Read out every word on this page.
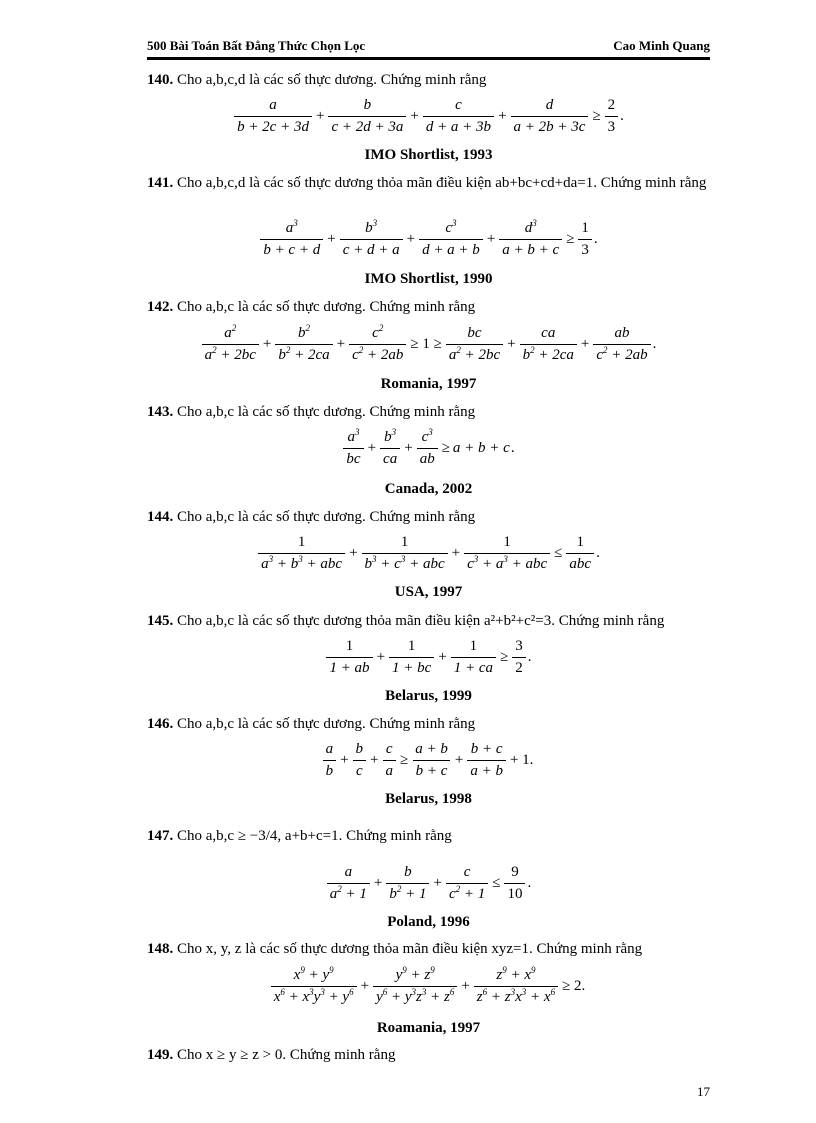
500 Bài Toán Bất Đẳng Thức Chọn Lọc	Cao Minh Quang
140. Cho a,b,c,d là các số thực dương. Chứng minh rằng
$\frac{a}{b + 2c + 3d} + \frac{b}{c + 2d + 3a} + \frac{c}{d + a + 3b} + \frac{d}{a + 2b + 3c} \ge \frac{2}{3}$ .
IMO Shortlist, 1993
141. Cho a,b,c,d là các số thực dương thỏa mãn điều kiện ab+bc+cd+da=1. Chứng minh rằng
$\frac{a^3}{b + c + d} + \frac{b^3}{c + d + a} + \frac{c^3}{d + a + b} + \frac{d^3}{a + b + c} \ge \frac{1}{3}$ .
IMO Shortlist, 1990
142. Cho a,b,c là các số thực dương. Chứng minh rằng
$\frac{a^2}{a^2 + 2bc} + \frac{b^2}{b^2 + 2ca} + \frac{c^2}{c^2 + 2ab} \ge 1 \ge \frac{bc}{a^2 + 2bc} + \frac{ca}{b^2 + 2ca} + \frac{ab}{c^2 + 2ab}$ .
Romania, 1997
143. Cho a,b,c là các số thực dương. Chứng minh rằng
$\frac{a^3}{bc} + \frac{b^3}{ca} + \frac{c^3}{ab} \ge a + b + c$ .
Canada, 2002
144. Cho a,b,c là các số thực dương. Chứng minh rằng
$\frac{1}{a^3 + b^3 + abc} + \frac{1}{b^3 + c^3 + abc} + \frac{1}{c^3 + a^3 + abc} \le \frac{1}{\text{abc}}$ .
USA, 1997
145. Cho a,b,c là các số thực dương thỏa mãn điều kiện a²+b²+c²=3. Chứng minh rằng
$\frac{1}{1 + ab} + \frac{1}{1 + bc} + \frac{1}{1 + ca} \ge \frac{3}{2}$ .
Belarus, 1999
146. Cho a,b,c là các số thực dương. Chứng minh rằng
$\frac{a}{b} + \frac{b}{c} + \frac{c}{a} \ge \frac{a + b}{b + c} + \frac{b + c}{a + b} + 1$.
Belarus, 1998
147. Cho a,b,c ≥ −3/4, a+b+c=1. Chứng minh rằng
$\frac{a}{a^2 + 1} + \frac{b}{b^2 + 1} + \frac{c}{c^2 + 1} \le \frac{9}{10}$ .
Poland, 1996
148. Cho x, y, z là các số thực dương thỏa mãn điều kiện xyz=1. Chứng minh rằng
$\frac{x^9 + y^9}{x^6 + x^3y^3 + y^6} + \frac{y^9 + z^9}{y^6 + y^3z^3 + z^6} + \frac{z^9 + x^9}{z^6 + z^3x^3 + x^6} \ge 2$.
Roamania, 1997
149. Cho x ≥ y ≥ z > 0. Chứng minh rằng
17
